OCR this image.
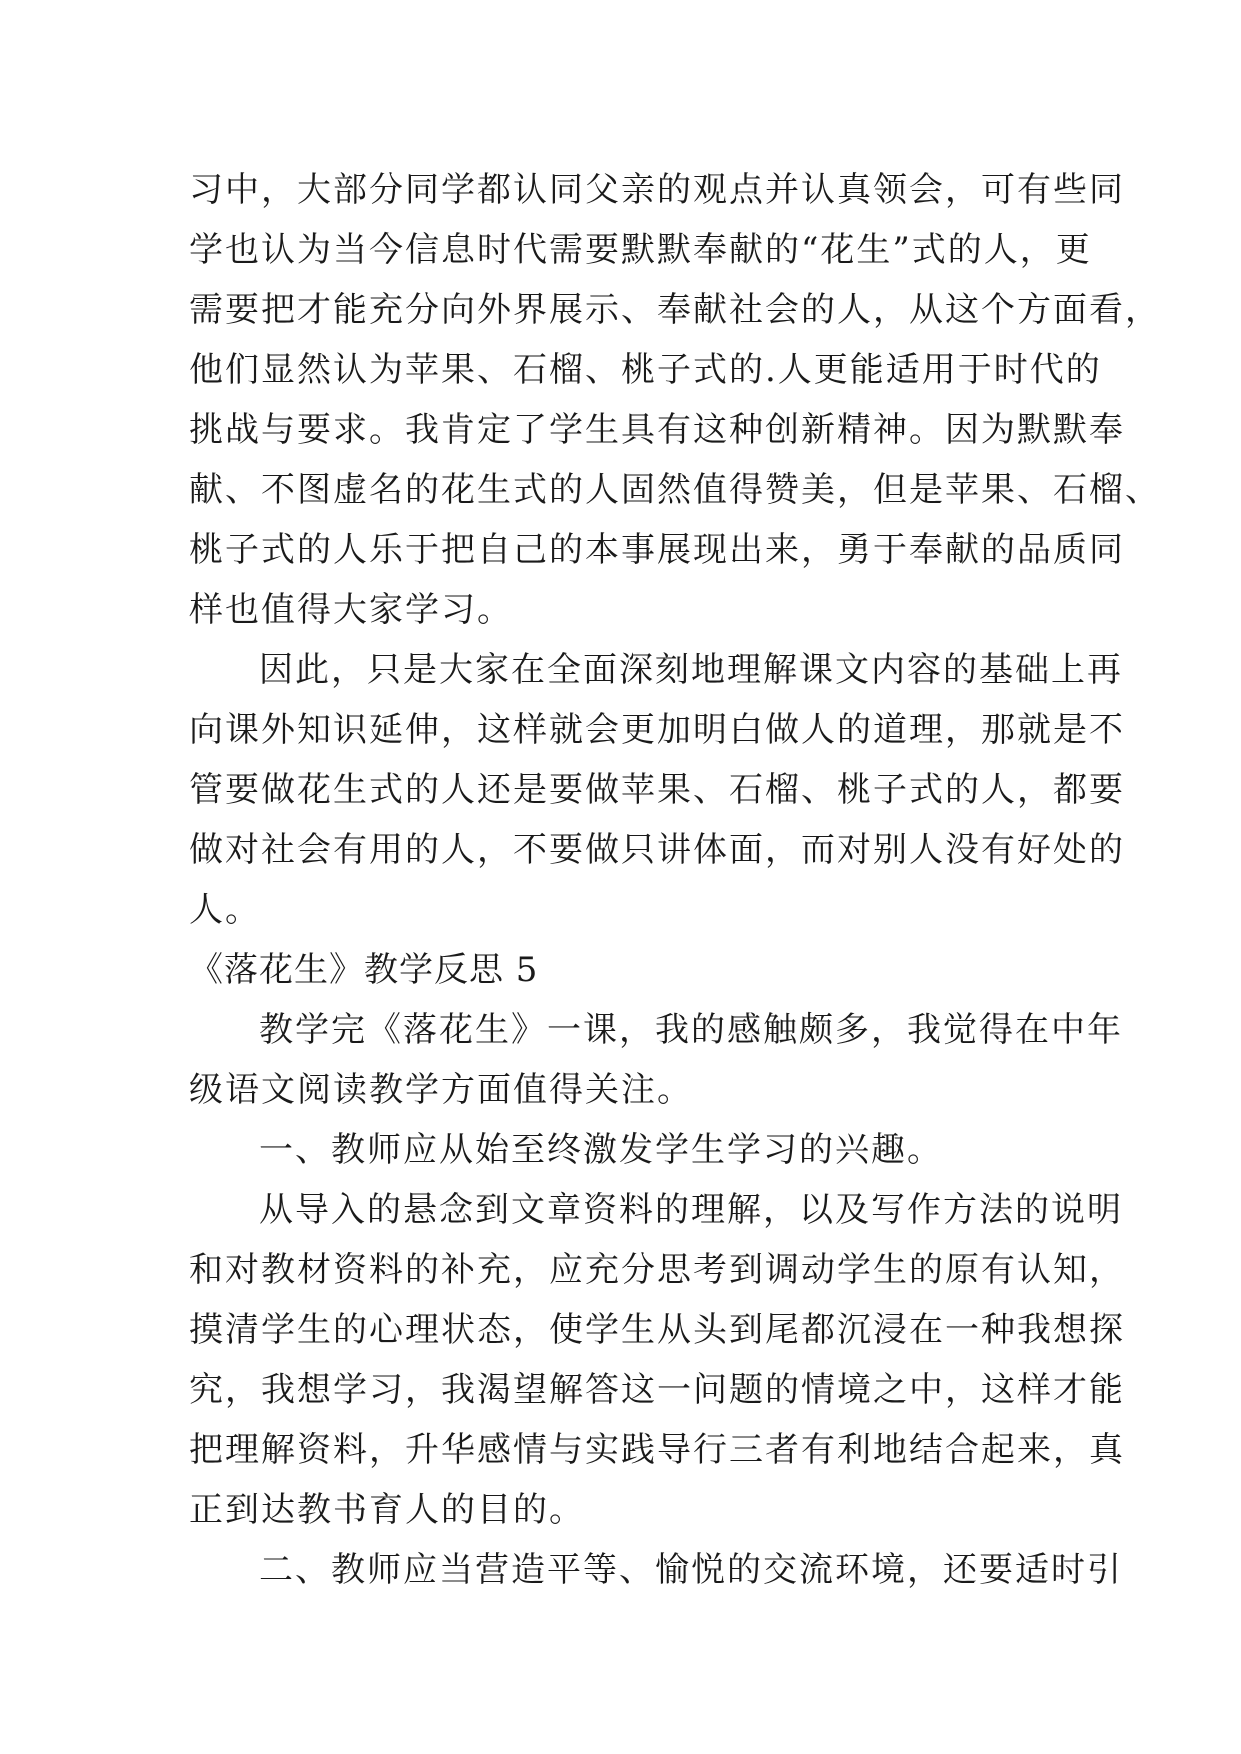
习中，大部分同学都认同父亲的观点并认真领会，可有些同
学也认为当今信息时代需要默默奉献的“花生”式的人，更
需要把才能充分向外界展示、奉献社会的人，从这个方面看，
他们显然认为苹果、石榴、桃子式的.人更能适用于时代的
挑战与要求。我肯定了学生具有这种创新精神。因为默默奉
献、不图虚名的花生式的人固然值得赞美，但是苹果、石榴、
桃子式的人乐于把自己的本事展现出来，勇于奉献的品质同
样也值得大家学习。
因此，只是大家在全面深刻地理解课文内容的基础上再
向课外知识延伸，这样就会更加明白做人的道理，那就是不
管要做花生式的人还是要做苹果、石榴、桃子式的人，都要
做对社会有用的人，不要做只讲体面，而对别人没有好处的
人。
《落花生》教学反思 5
教学完《落花生》一课，我的感触颇多，我觉得在中年
级语文阅读教学方面值得关注。
一、教师应从始至终激发学生学习的兴趣。
从导入的悬念到文章资料的理解，以及写作方法的说明
和对教材资料的补充，应充分思考到调动学生的原有认知，
摸清学生的心理状态，使学生从头到尾都沉浸在一种我想探
究，我想学习，我渴望解答这一问题的情境之中，这样才能
把理解资料，升华感情与实践导行三者有利地结合起来，真
正到达教书育人的目的。
二、教师应当营造平等、愉悦的交流环境，还要适时引
